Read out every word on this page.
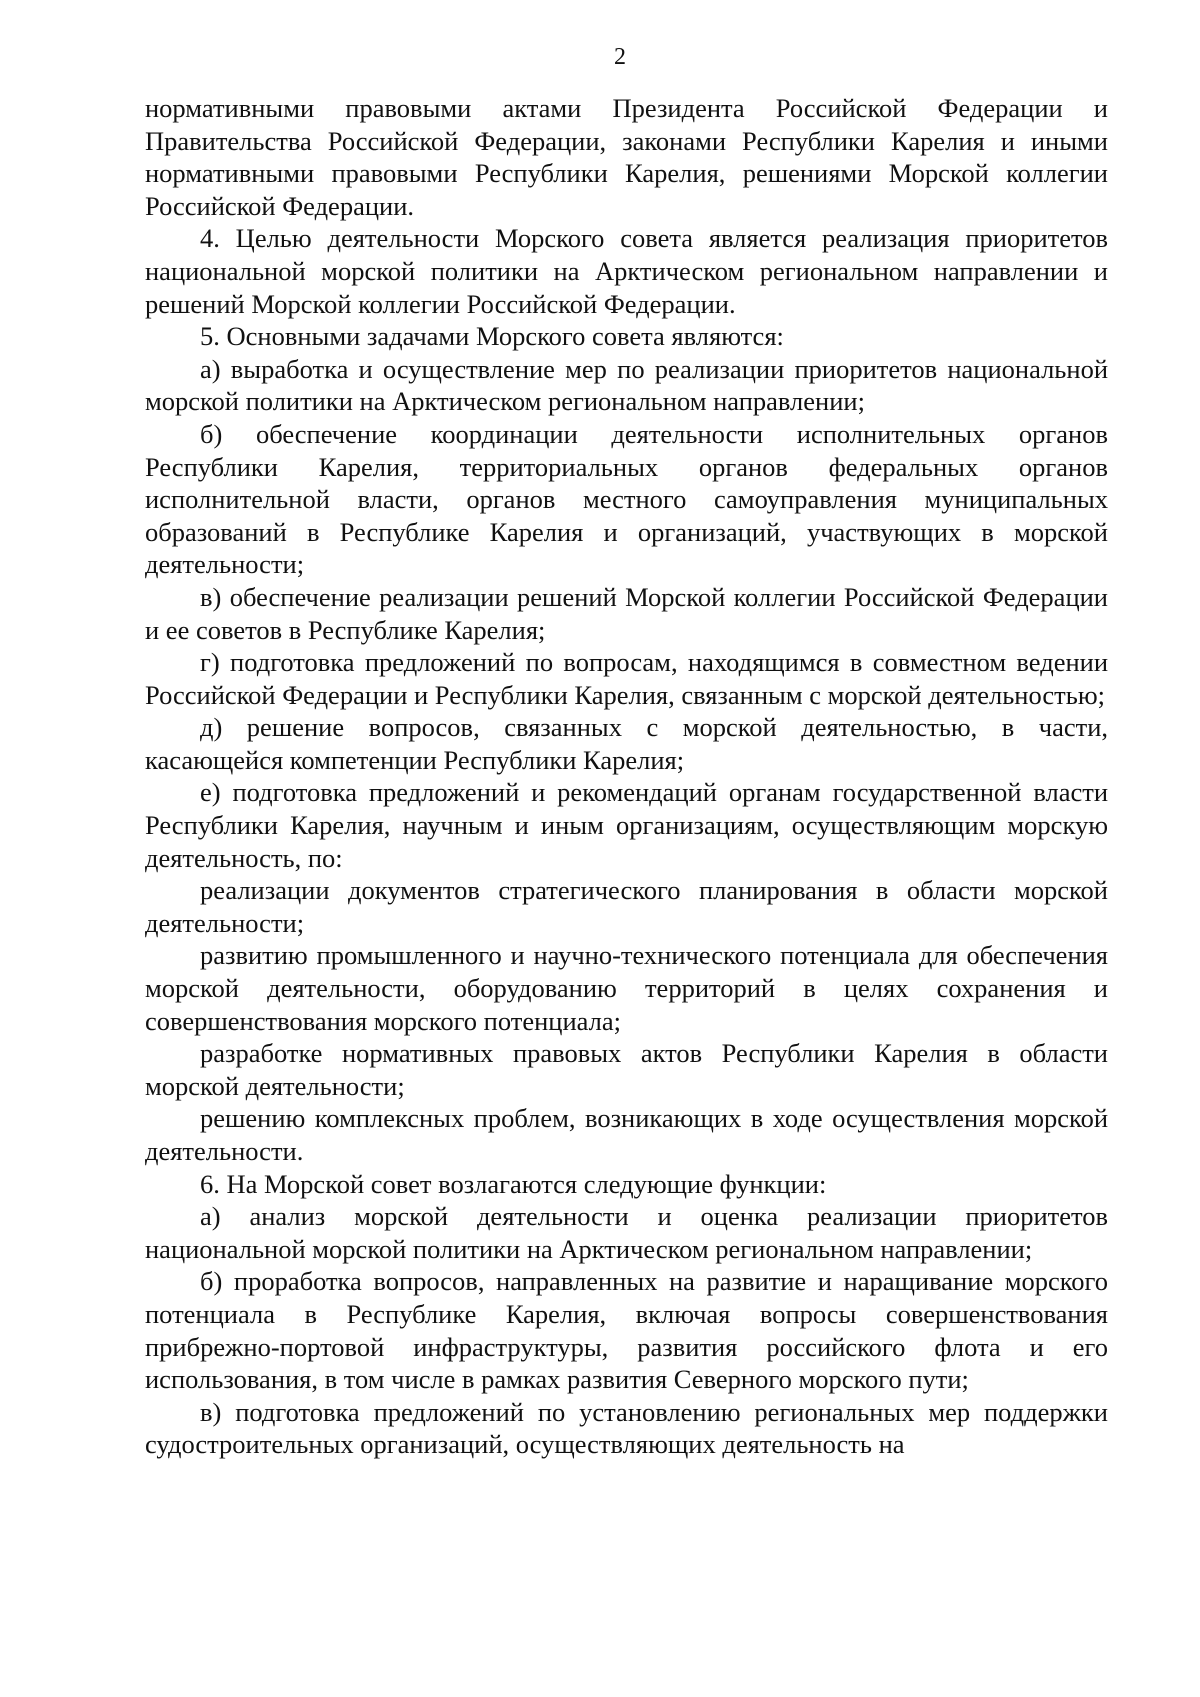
2

нормативными правовыми актами Президента Российской Федерации и Правительства Российской Федерации, законами Республики Карелия и иными нормативными правовыми Республики Карелия, решениями Морской коллегии Российской Федерации.

4. Целью деятельности Морского совета является реализация приоритетов национальной морской политики на Арктическом региональном направлении и решений Морской коллегии Российской Федерации.

5. Основными задачами Морского совета являются:

а) выработка и осуществление мер по реализации приоритетов национальной морской политики на Арктическом региональном направлении;

б) обеспечение координации деятельности исполнительных органов Республики Карелия, территориальных органов федеральных органов исполнительной власти, органов местного самоуправления муниципальных образований в Республике Карелия и организаций, участвующих в морской деятельности;

в) обеспечение реализации решений Морской коллегии Российской Федерации и ее советов в Республике Карелия;

г) подготовка предложений по вопросам, находящимся в совместном ведении Российской Федерации и Республики Карелия, связанным с морской деятельностью;

д) решение вопросов, связанных с морской деятельностью, в части, касающейся компетенции Республики Карелия;

е) подготовка предложений и рекомендаций органам государственной власти Республики Карелия, научным и иным организациям, осуществляющим морскую деятельность, по:

реализации документов стратегического планирования в области морской деятельности;

развитию промышленного и научно-технического потенциала для обеспечения морской деятельности, оборудованию территорий в целях сохранения и совершенствования морского потенциала;

разработке нормативных правовых актов Республики Карелия в области морской деятельности;

решению комплексных проблем, возникающих в ходе осуществления морской деятельности.

6. На Морской совет возлагаются следующие функции:

а) анализ морской деятельности и оценка реализации приоритетов национальной морской политики на Арктическом региональном направлении;

б) проработка вопросов, направленных на развитие и наращивание морского потенциала в Республике Карелия, включая вопросы совершенствования прибрежно-портовой инфраструктуры, развития российского флота и его использования, в том числе в рамках развития Северного морского пути;

в) подготовка предложений по установлению региональных мер поддержки судостроительных организаций, осуществляющих деятельность на
